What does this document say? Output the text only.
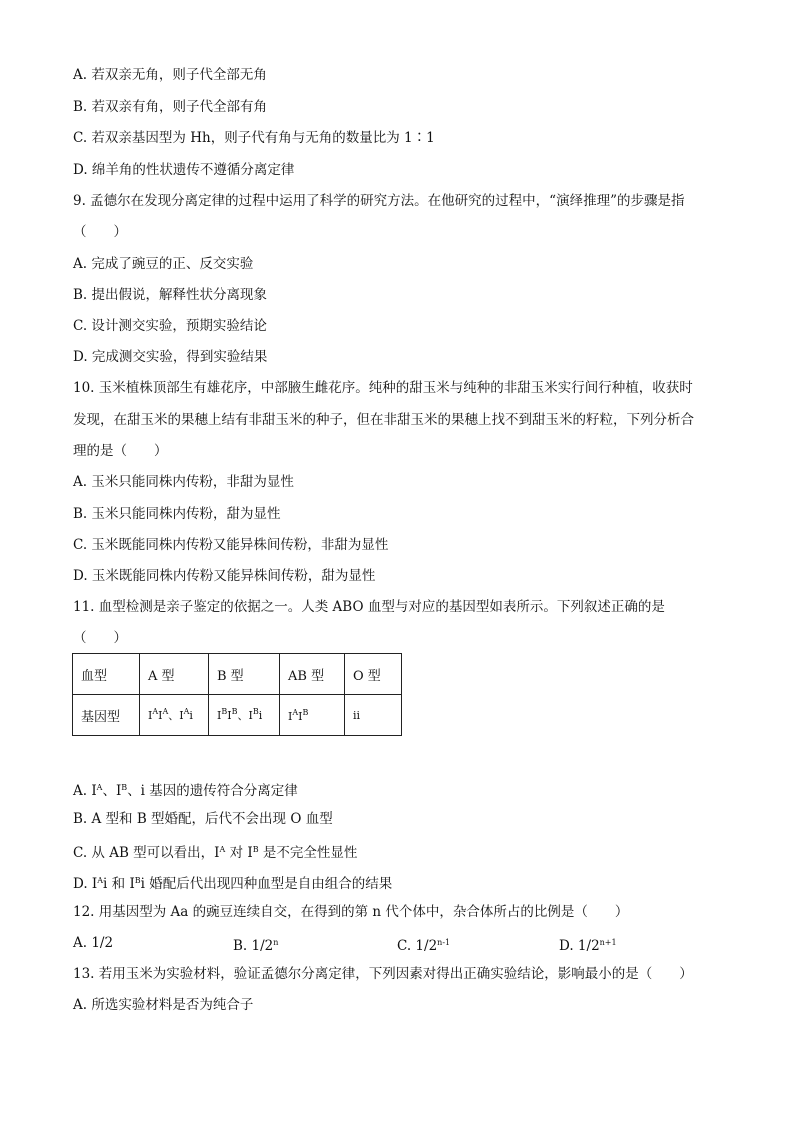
A. 若双亲无角，则子代全部无角
B. 若双亲有角，则子代全部有角
C. 若双亲基因型为 Hh，则子代有角与无角的数量比为 1∶1
D. 绵羊角的性状遗传不遵循分离定律
9. 孟德尔在发现分离定律的过程中运用了科学的研究方法。在他研究的过程中，“演绎推理”的步骤是指
（　　）
A. 完成了豌豆的正、反交实验
B. 提出假说，解释性状分离现象
C. 设计测交实验，预期实验结论
D. 完成测交实验，得到实验结果
10. 玉米植株顶部生有雄花序，中部腋生雌花序。纯种的甜玉米与纯种的非甜玉米实行间行种植，收获时
发现，在甜玉米的果穗上结有非甜玉米的种子，但在非甜玉米的果穗上找不到甜玉米的籽粒，下列分析合
理的是（　　）
A. 玉米只能同株内传粉，非甜为显性
B. 玉米只能同株内传粉，甜为显性
C. 玉米既能同株内传粉又能异株间传粉，非甜为显性
D. 玉米既能同株内传粉又能异株间传粉，甜为显性
11. 血型检测是亲子鉴定的依据之一。人类 ABO 血型与对应的基因型如表所示。下列叙述正确的是
（　　）
血型	A 型	B 型	AB 型	O 型
基因型	$I^AI^A$、$I^Ai$	$I^BI^B$、$I^Bi$	$I^AI^B$	ii
A. $I^A$、$I^B$、i 基因的遗传符合分离定律
B. A 型和 B 型婚配，后代不会出现 O 血型
C. 从 AB 型可以看出，$I^A$ 对 $I^B$ 是不完全性显性
D. $I^Ai$ 和 $I^Bi$ 婚配后代出现四种血型是自由组合的结果
12. 用基因型为 Aa 的豌豆连续自交，在得到的第 n 代个体中，杂合体所占的比例是（　　）
A. 1/2	B. 1/2$^n$	C. 1/2$^{n-1}$	D. $1/2^{n+1}$
13. 若用玉米为实验材料，验证孟德尔分离定律，下列因素对得出正确实验结论，影响最小的是（　　）
A. 所选实验材料是否为纯合子
